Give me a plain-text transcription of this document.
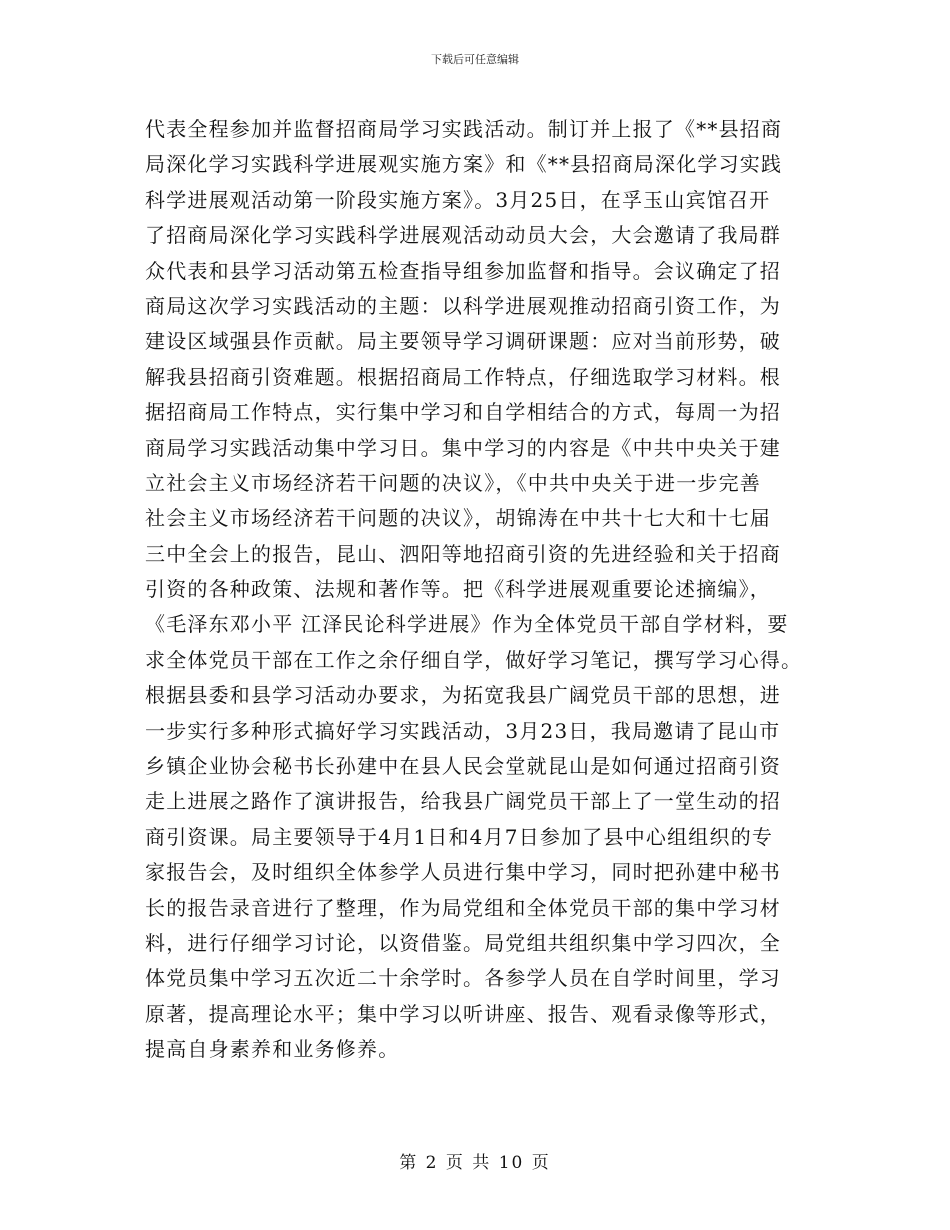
下载后可任意编辑
代表全程参加并监督招商局学习实践活动。制订并上报了《**县招商
局深化学习实践科学进展观实施方案》和《**县招商局深化学习实践
科学进展观活动第一阶段实施方案》。3月25日，在孚玉山宾馆召开
了招商局深化学习实践科学进展观活动动员大会，大会邀请了我局群
众代表和县学习活动第五检查指导组参加监督和指导。会议确定了招
商局这次学习实践活动的主题：以科学进展观推动招商引资工作，为
建设区域强县作贡献。局主要领导学习调研课题：应对当前形势，破
解我县招商引资难题。根据招商局工作特点，仔细选取学习材料。根
据招商局工作特点，实行集中学习和自学相结合的方式，每周一为招
商局学习实践活动集中学习日。集中学习的内容是《中共中央关于建
立社会主义市场经济若干问题的决议》，《中共中央关于进一步完善
社会主义市场经济若干问题的决议》，胡锦涛在中共十七大和十七届
三中全会上的报告，昆山、泗阳等地招商引资的先进经验和关于招商
引资的各种政策、法规和著作等。把《科学进展观重要论述摘编》，
《毛泽东邓小平 江泽民论科学进展》作为全体党员干部自学材料，要
求全体党员干部在工作之余仔细自学，做好学习笔记，撰写学习心得。
根据县委和县学习活动办要求，为拓宽我县广阔党员干部的思想，进
一步实行多种形式搞好学习实践活动，3月23日，我局邀请了昆山市
乡镇企业协会秘书长孙建中在县人民会堂就昆山是如何通过招商引资
走上进展之路作了演讲报告，给我县广阔党员干部上了一堂生动的招
商引资课。局主要领导于4月1日和4月7日参加了县中心组组织的专
家报告会，及时组织全体参学人员进行集中学习，同时把孙建中秘书
长的报告录音进行了整理，作为局党组和全体党员干部的集中学习材
料，进行仔细学习讨论，以资借鉴。局党组共组织集中学习四次，全
体党员集中学习五次近二十余学时。各参学人员在自学时间里，学习
原著，提高理论水平；集中学习以听讲座、报告、观看录像等形式，
提高自身素养和业务修养。
第 2 页 共 10 页
